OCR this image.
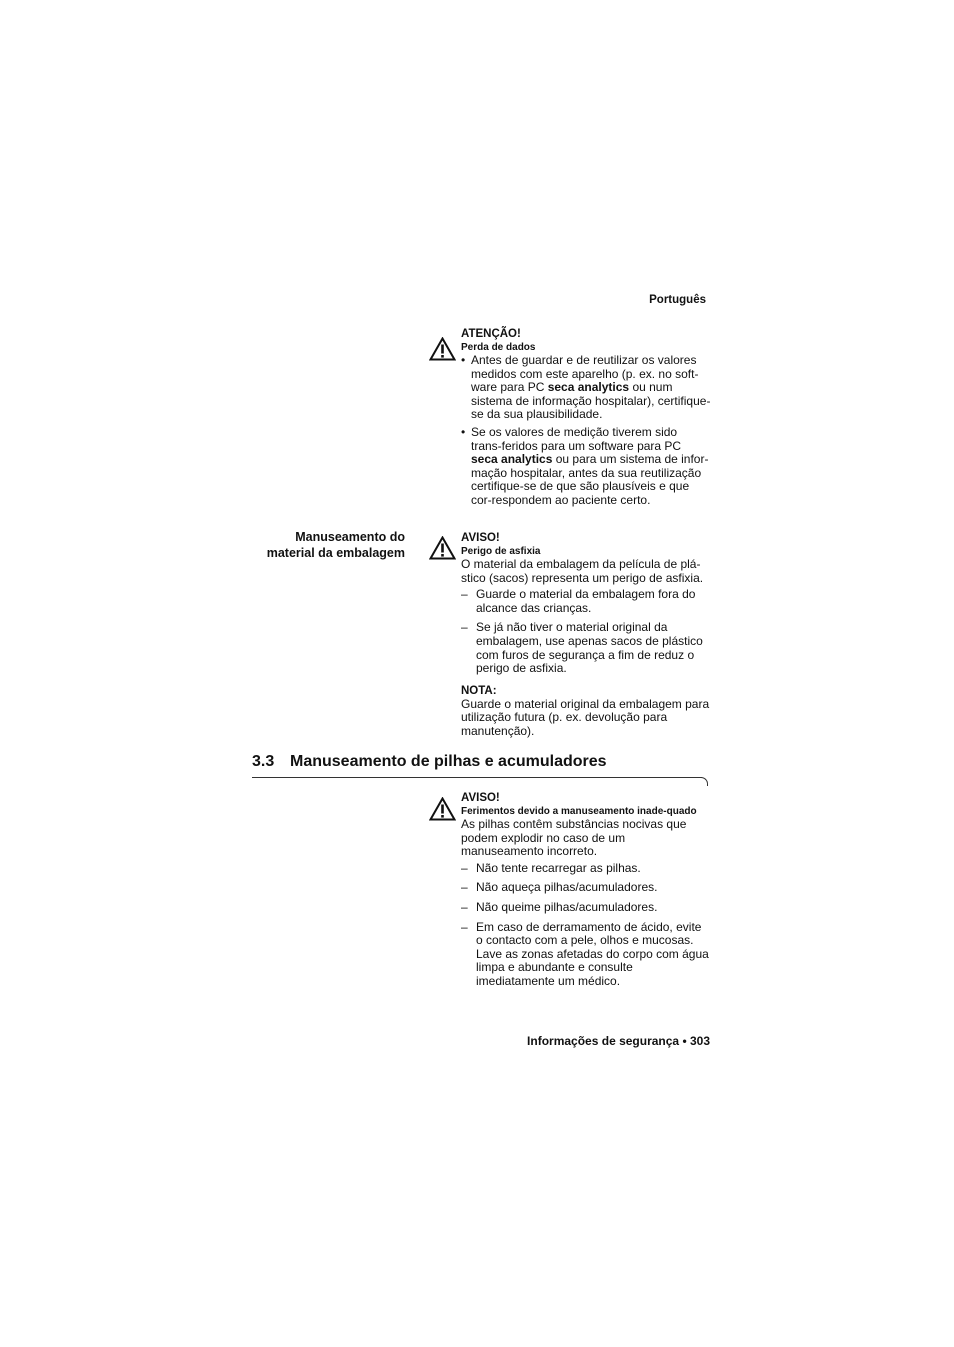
Português
ATENÇÃO!
Perda de dados
• Antes de guardar e de reutilizar os valores medidos com este aparelho (p. ex. no soft-ware para PC seca analytics ou num sistema de informação hospitalar), certifique-se da sua plausibilidade.
• Se os valores de medição tiverem sido trans-feridos para um software para PC seca analytics ou para um sistema de infor-mação hospitalar, antes da sua reutilização certifique-se de que são plausíveis e que cor-respondem ao paciente certo.
Manuseamento do
material da embalagem
AVISO!
Perigo de asfixia

O material da embalagem da película de plá-stico (sacos) representa um perigo de asfixia.

– Guarde o material da embalagem fora do alcance das crianças.
– Se já não tiver o material original da embalagem, use apenas sacos de plástico com furos de segurança a fim de reduz o perigo de asfixia.
NOTA:

Guarde o material original da embalagem para utilização futura (p. ex. devolução para manutenção).

3.3 Manuseamento de pilhas e acumuladores
AVISO!
Ferimentos devido a manuseamento inade-quado

As pilhas contêm substâncias nocivas que podem explodir no caso de um manuseamento incorreto.

– Não tente recarregar as pilhas.
– Não aqueça pilhas/acumuladores.
– Não queime pilhas/acumuladores.
– Em caso de derramamento de ácido, evite o contacto com a pele, olhos e mucosas. Lave as zonas afetadas do corpo com água limpa e abundante e consulte imediatamente um médico.
Informações de segurança • 303
